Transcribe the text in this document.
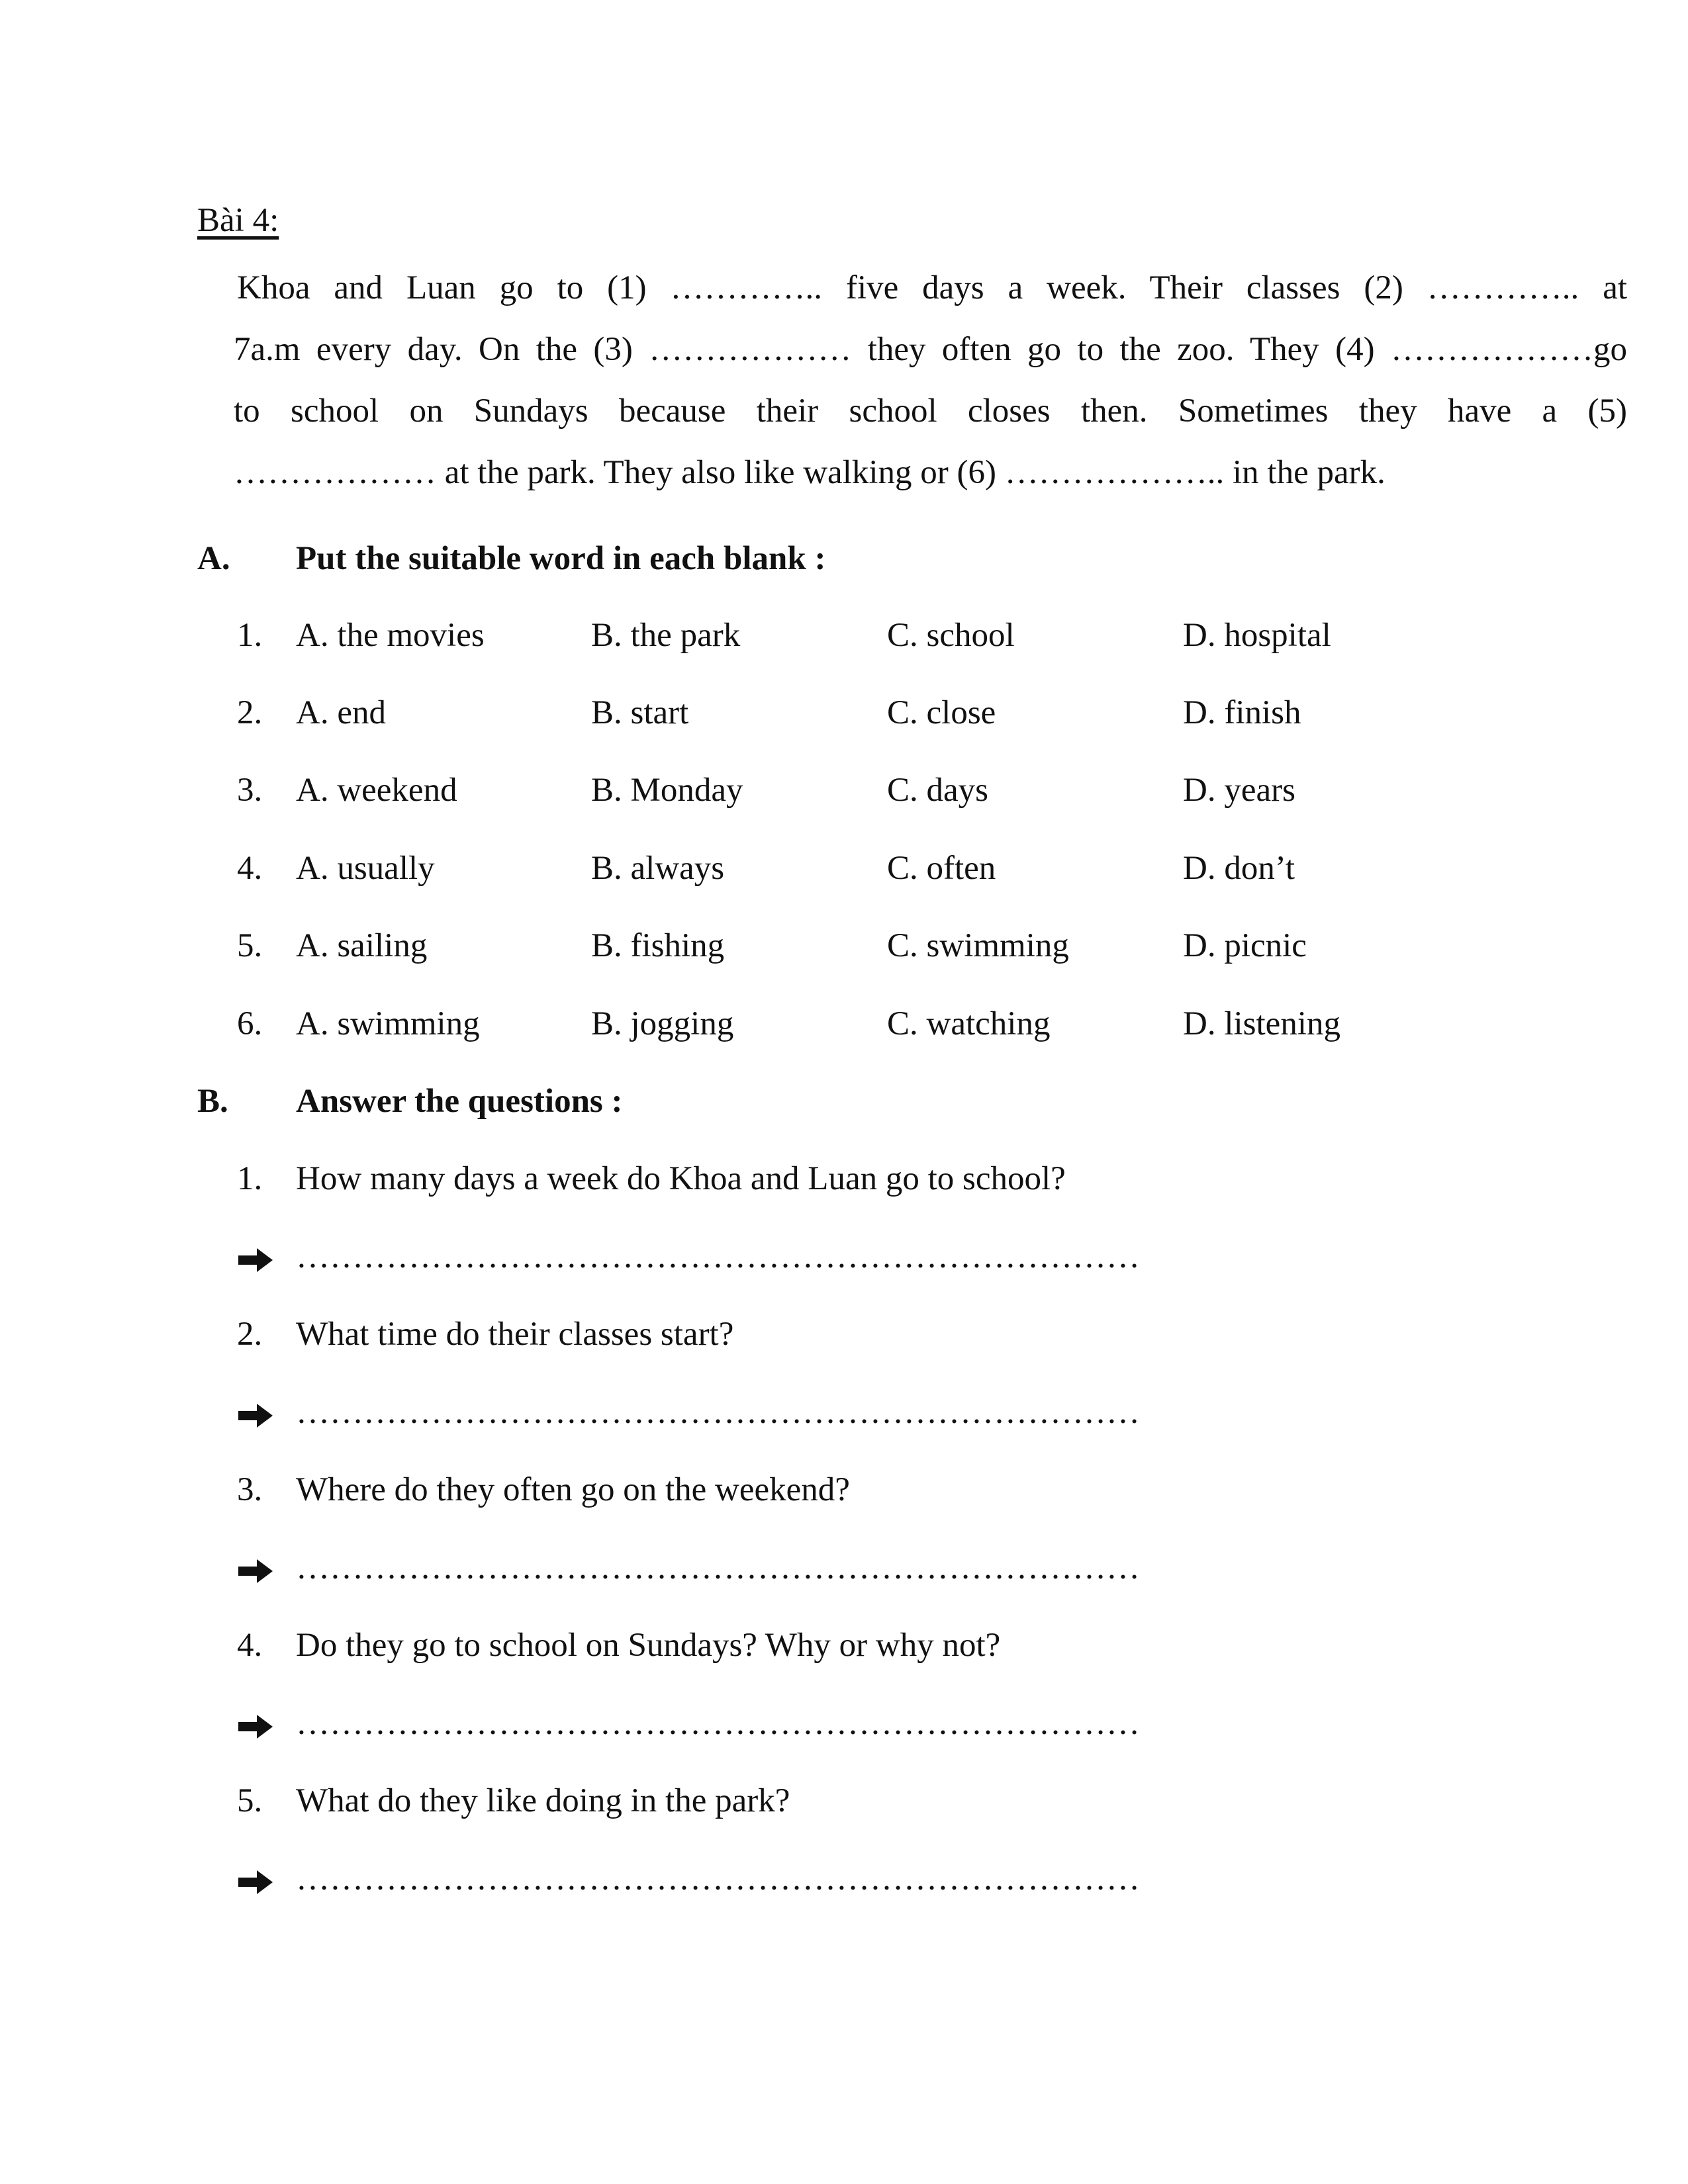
Bài 4:
Khoa and Luan go to (1) ………….. five days a week. Their classes (2) ………….. at
7a.m every day. On the (3) ……………… they often go to the zoo. They (4) ………………go
to school on Sundays because their school closes then. Sometimes they have a (5)
……………… at the park. They also like walking or (6) ……………….. in the park.
A. Put the suitable word in each blank :
1. A. the movies	B. the park	C. school	D. hospital
2. A. end	B. start	C. close	D. finish
3. A. weekend	B. Monday	C. days	D. years
4. A. usually	B. always	C. often	D. don’t
5. A. sailing	B. fishing	C. swimming	D. picnic
6. A. swimming	B. jogging	C. watching	D. listening
B. Answer the questions :
1. How many days a week do Khoa and Luan go to school?
…………………………………………………………………
2. What time do their classes start?
…………………………………………………………………
3. Where do they often go on the weekend?
…………………………………………………………………
4. Do they go to school on Sundays? Why or why not?
…………………………………………………………………
5. What do they like doing in the park?
…………………………………………………………………
